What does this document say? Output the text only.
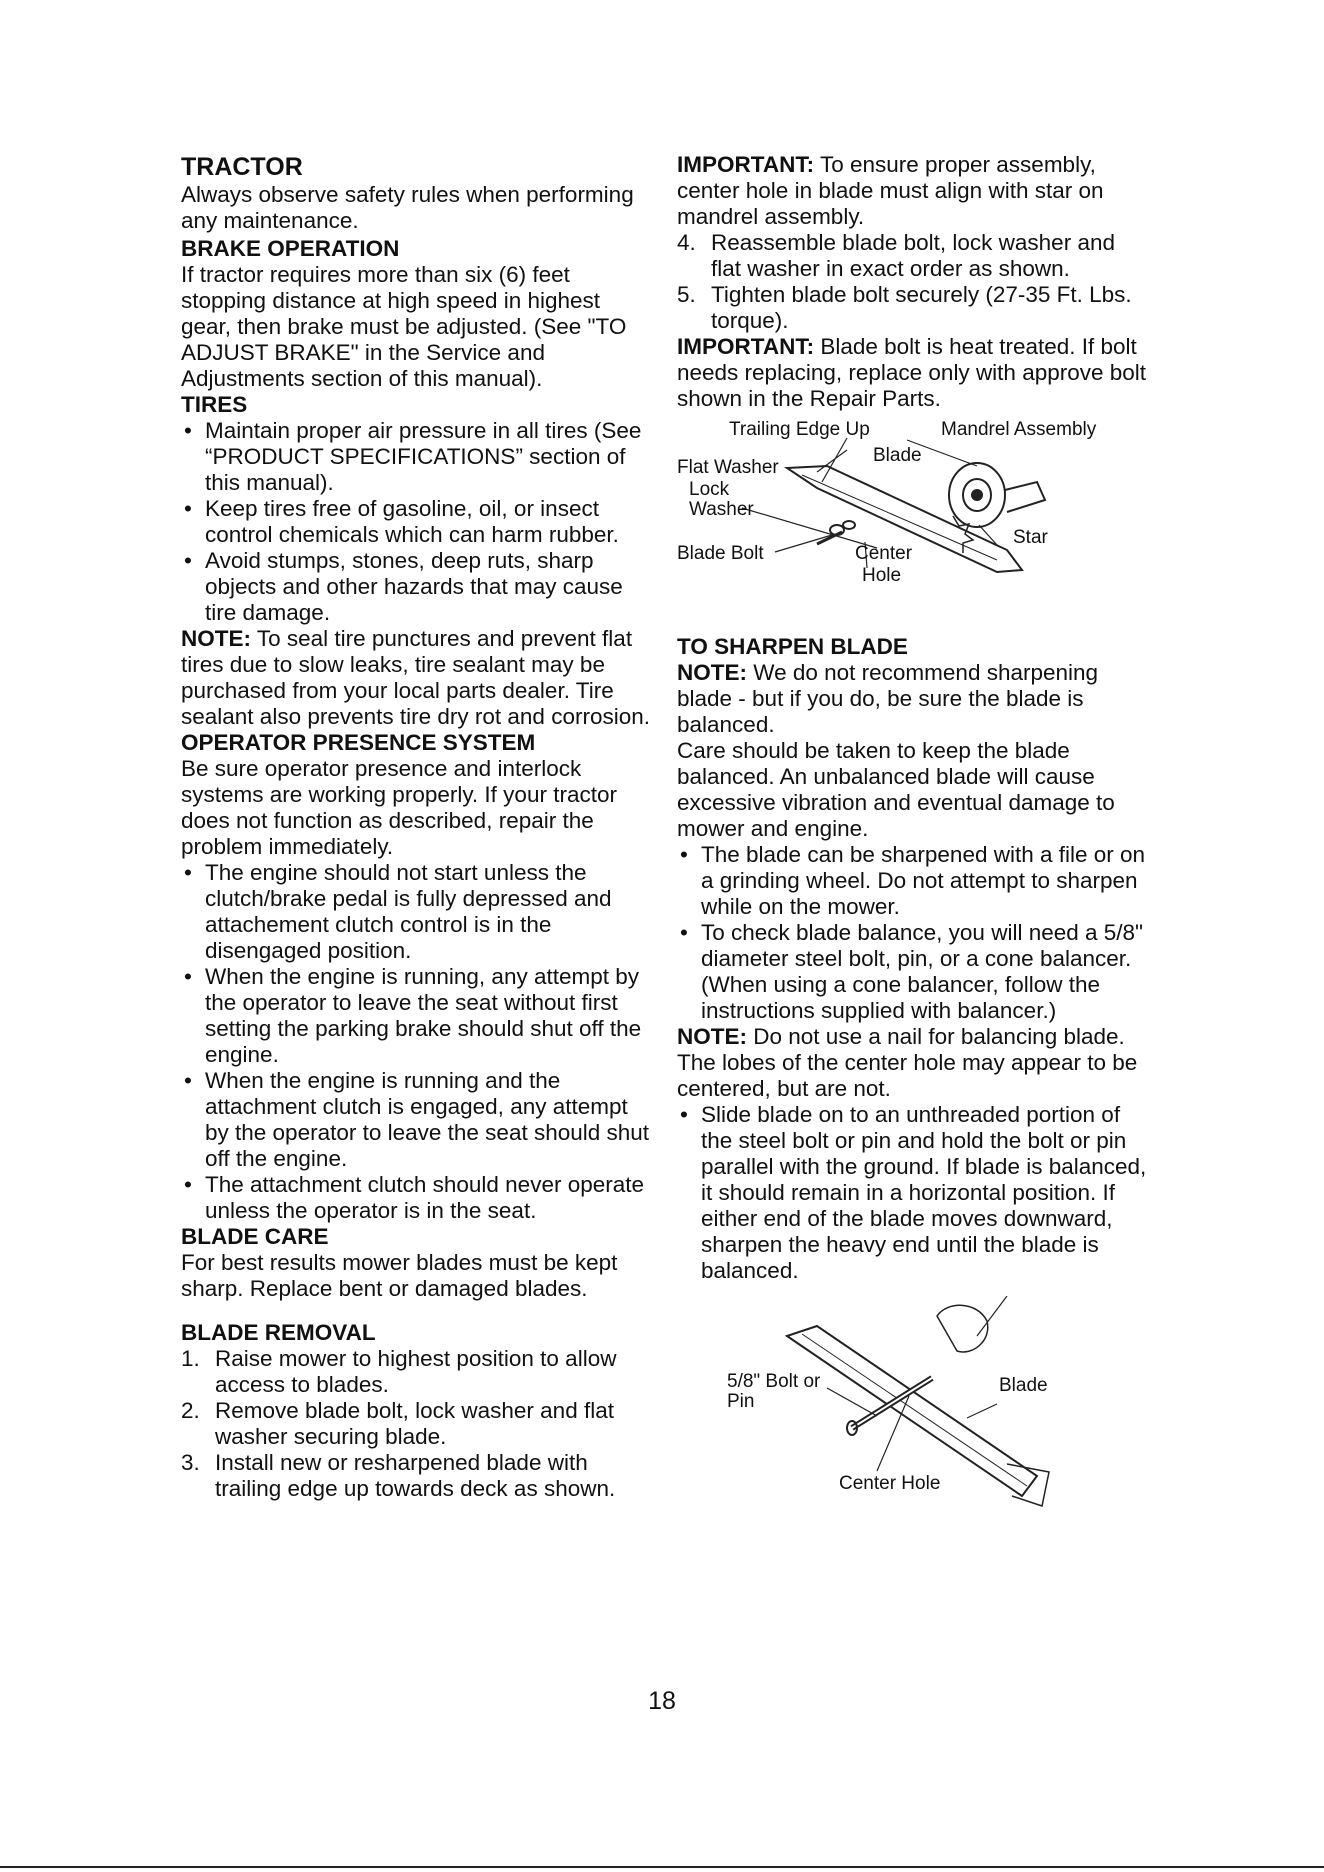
TRACTOR

Always observe safety rules when performing any maintenance.

BRAKE OPERATION

If tractor requires more than six (6) feet stopping distance at high speed in highest gear, then brake must be adjusted. (See "TO ADJUST BRAKE" in the Service and Adjustments section of this manual).

TIRES

• Maintain proper air pressure in all tires (See “PRODUCT SPECIFICATIONS” section of this manual).
• Keep tires free of gasoline, oil, or insect control chemicals which can harm rubber.
• Avoid stumps, stones, deep ruts, sharp objects and other hazards that may cause tire damage.

NOTE: To seal tire punctures and prevent flat tires due to slow leaks, tire sealant may be purchased from your local parts dealer. Tire sealant also prevents tire dry rot and corrosion.

OPERATOR PRESENCE SYSTEM

Be sure operator presence and interlock systems are working properly. If your tractor does not function as described, repair the problem immediately.

• The engine should not start unless the clutch/brake pedal is fully depressed and attachement clutch control is in the disengaged position.
• When the engine is running, any attempt by the operator to leave the seat without first setting the parking brake should shut off the engine.
• When the engine is running and the attachment clutch is engaged, any attempt by the operator to leave the seat should shut off the engine.
• The attachment clutch should never operate unless the operator is in the seat.

BLADE CARE

For best results mower blades must be kept sharp. Replace bent or damaged blades.

BLADE REMOVAL

1. Raise mower to highest position to allow access to blades.
2. Remove blade bolt, lock washer and flat washer securing blade.
3. Install new or resharpened blade with trailing edge up towards deck as shown.

IMPORTANT: To ensure proper assembly, center hole in blade must align with star on mandrel assembly.

4. Reassemble blade bolt, lock washer and flat washer in exact order as shown.
5. Tighten blade bolt securely (27-35 Ft. Lbs. torque).

IMPORTANT: Blade bolt is heat treated. If bolt needs replacing, replace only with approve bolt shown in the Repair Parts.

Trailing Edge Up	Mandrel Assembly
Flat Washer
Blade
Lock
Washer
Star
Blade Bolt	Center
Hole

TO SHARPEN BLADE

NOTE: We do not recommend sharpening blade - but if you do, be sure the blade is balanced.

Care should be taken to keep the blade balanced. An unbalanced blade will cause excessive vibration and eventual damage to mower and engine.

• The blade can be sharpened with a file or on a grinding wheel. Do not attempt to sharpen while on the mower.
• To check blade balance, you will need a 5/8" diameter steel bolt, pin, or a cone balancer. (When using a cone balancer, follow the instructions supplied with balancer.)

NOTE: Do not use a nail for balancing blade. The lobes of the center hole may appear to be centered, but are not.

• Slide blade on to an unthreaded portion of the steel bolt or pin and hold the bolt or pin parallel with the ground. If blade is balanced, it should remain in a horizontal position. If either end of the blade moves downward, sharpen the heavy end until the blade is balanced.
5/8" Bolt or
Pin
Blade
Center Hole
18
